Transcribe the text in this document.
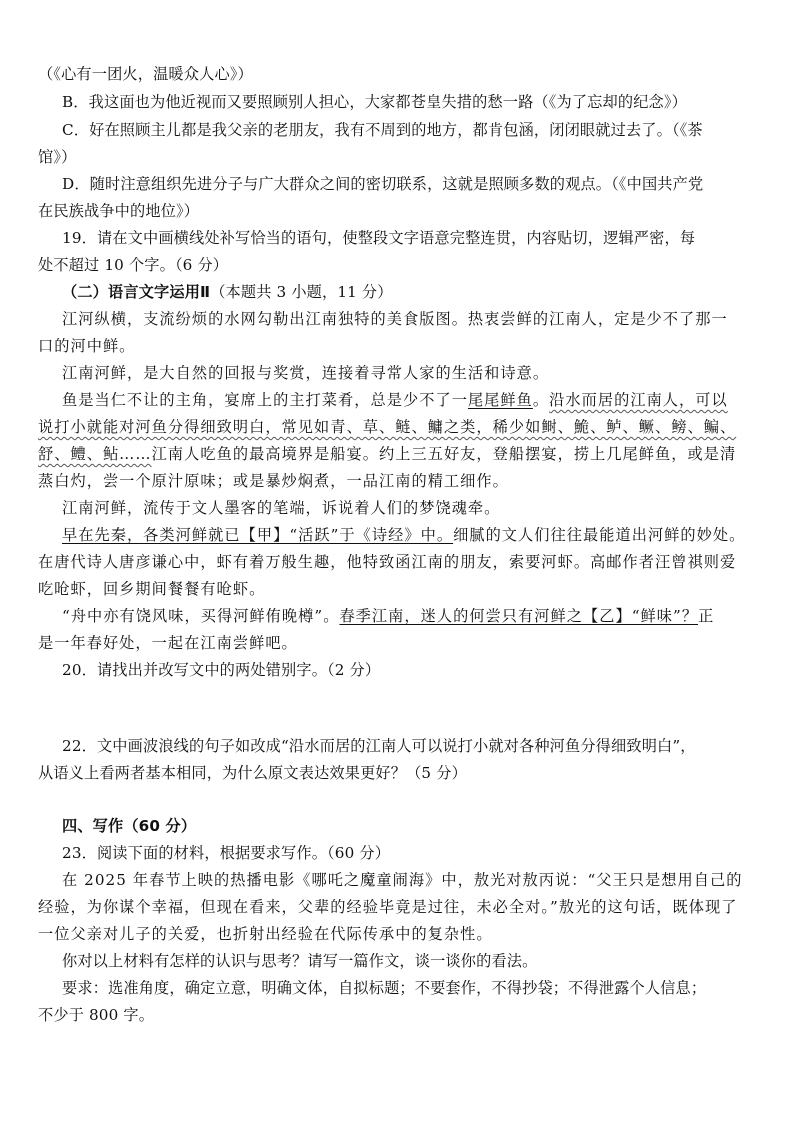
（《心有一团火，温暖众人心》）
B．我这面也为他近视而又要照顾别人担心，大家都苍皇失措的愁一路（《为了忘却的纪念》）
C．好在照顾主儿都是我父亲的老朋友，我有不周到的地方，都肯包涵，闭闭眼就过去了。（《茶
馆》）
D．随时注意组织先进分子与广大群众之间的密切联系，这就是照顾多数的观点。（《中国共产党
在民族战争中的地位》）
19．请在文中画横线处补写恰当的语句，使整段文字语意完整连贯，内容贴切，逻辑严密，每
处不超过 10 个字。（6 分）
（二）语言文字运用Ⅱ（本题共 3 小题，11 分）
江河纵横，支流纷烦的水网勾勒出江南独特的美食版图。热衷尝鲜的江南人，定是少不了那一
口的河中鲜。
江南河鲜，是大自然的回报与奖赏，连接着寻常人家的生活和诗意。
鱼是当仁不让的主角，宴席上的主打菜肴，总是少不了一尾尾鲜鱼。沿水而居的江南人，可以
说打小就能对河鱼分得细致明白，常见如青、草、鲢、鳙之类，稀少如鲥、鮠、鲈、鳜、鳑、鳊、
舒、鳢、鲇……江南人吃鱼的最高境界是船宴。约上三五好友，登船摆宴，捞上几尾鲜鱼，或是清
蒸白灼，尝一个原汁原味；或是暴炒焖煮，一品江南的精工细作。
江南河鲜，流传于文人墨客的笔端，诉说着人们的梦饶魂牵。
早在先秦，各类河鲜就已【甲】“活跃”于《诗经》中。细腻的文人们往往最能道出河鲜的妙处。
在唐代诗人唐彦谦心中，虾有着万般生趣，他特致函江南的朋友，索要河虾。高邮作者汪曾祺则爱
吃呛虾，回乡期间餐餐有呛虾。
“舟中亦有饶风味，买得河鲜侑晚樽”。春季江南，迷人的何尝只有河鲜之【乙】“鲜味”？正
是一年春好处，一起在江南尝鲜吧。
20．请找出并改写文中的两处错别字。（2 分）
22．文中画波浪线的句子如改成“沿水而居的江南人可以说打小就对各种河鱼分得细致明白”，
从语义上看两者基本相同，为什么原文表达效果更好？（5 分）
四、写作（60 分）
23．阅读下面的材料，根据要求写作。（60 分）
在 2025 年春节上映的热播电影《哪吒之魔童闹海》中，敖光对敖丙说：“父王只是想用自己的
经验，为你谋个幸福，但现在看来，父辈的经验毕竟是过往，未必全对。”敖光的这句话，既体现了
一位父亲对儿子的关爱，也折射出经验在代际传承中的复杂性。
你对以上材料有怎样的认识与思考？请写一篇作文，谈一谈你的看法。
要求：选准角度，确定立意，明确文体，自拟标题；不要套作，不得抄袋；不得泄露个人信息；
不少于 800 字。
